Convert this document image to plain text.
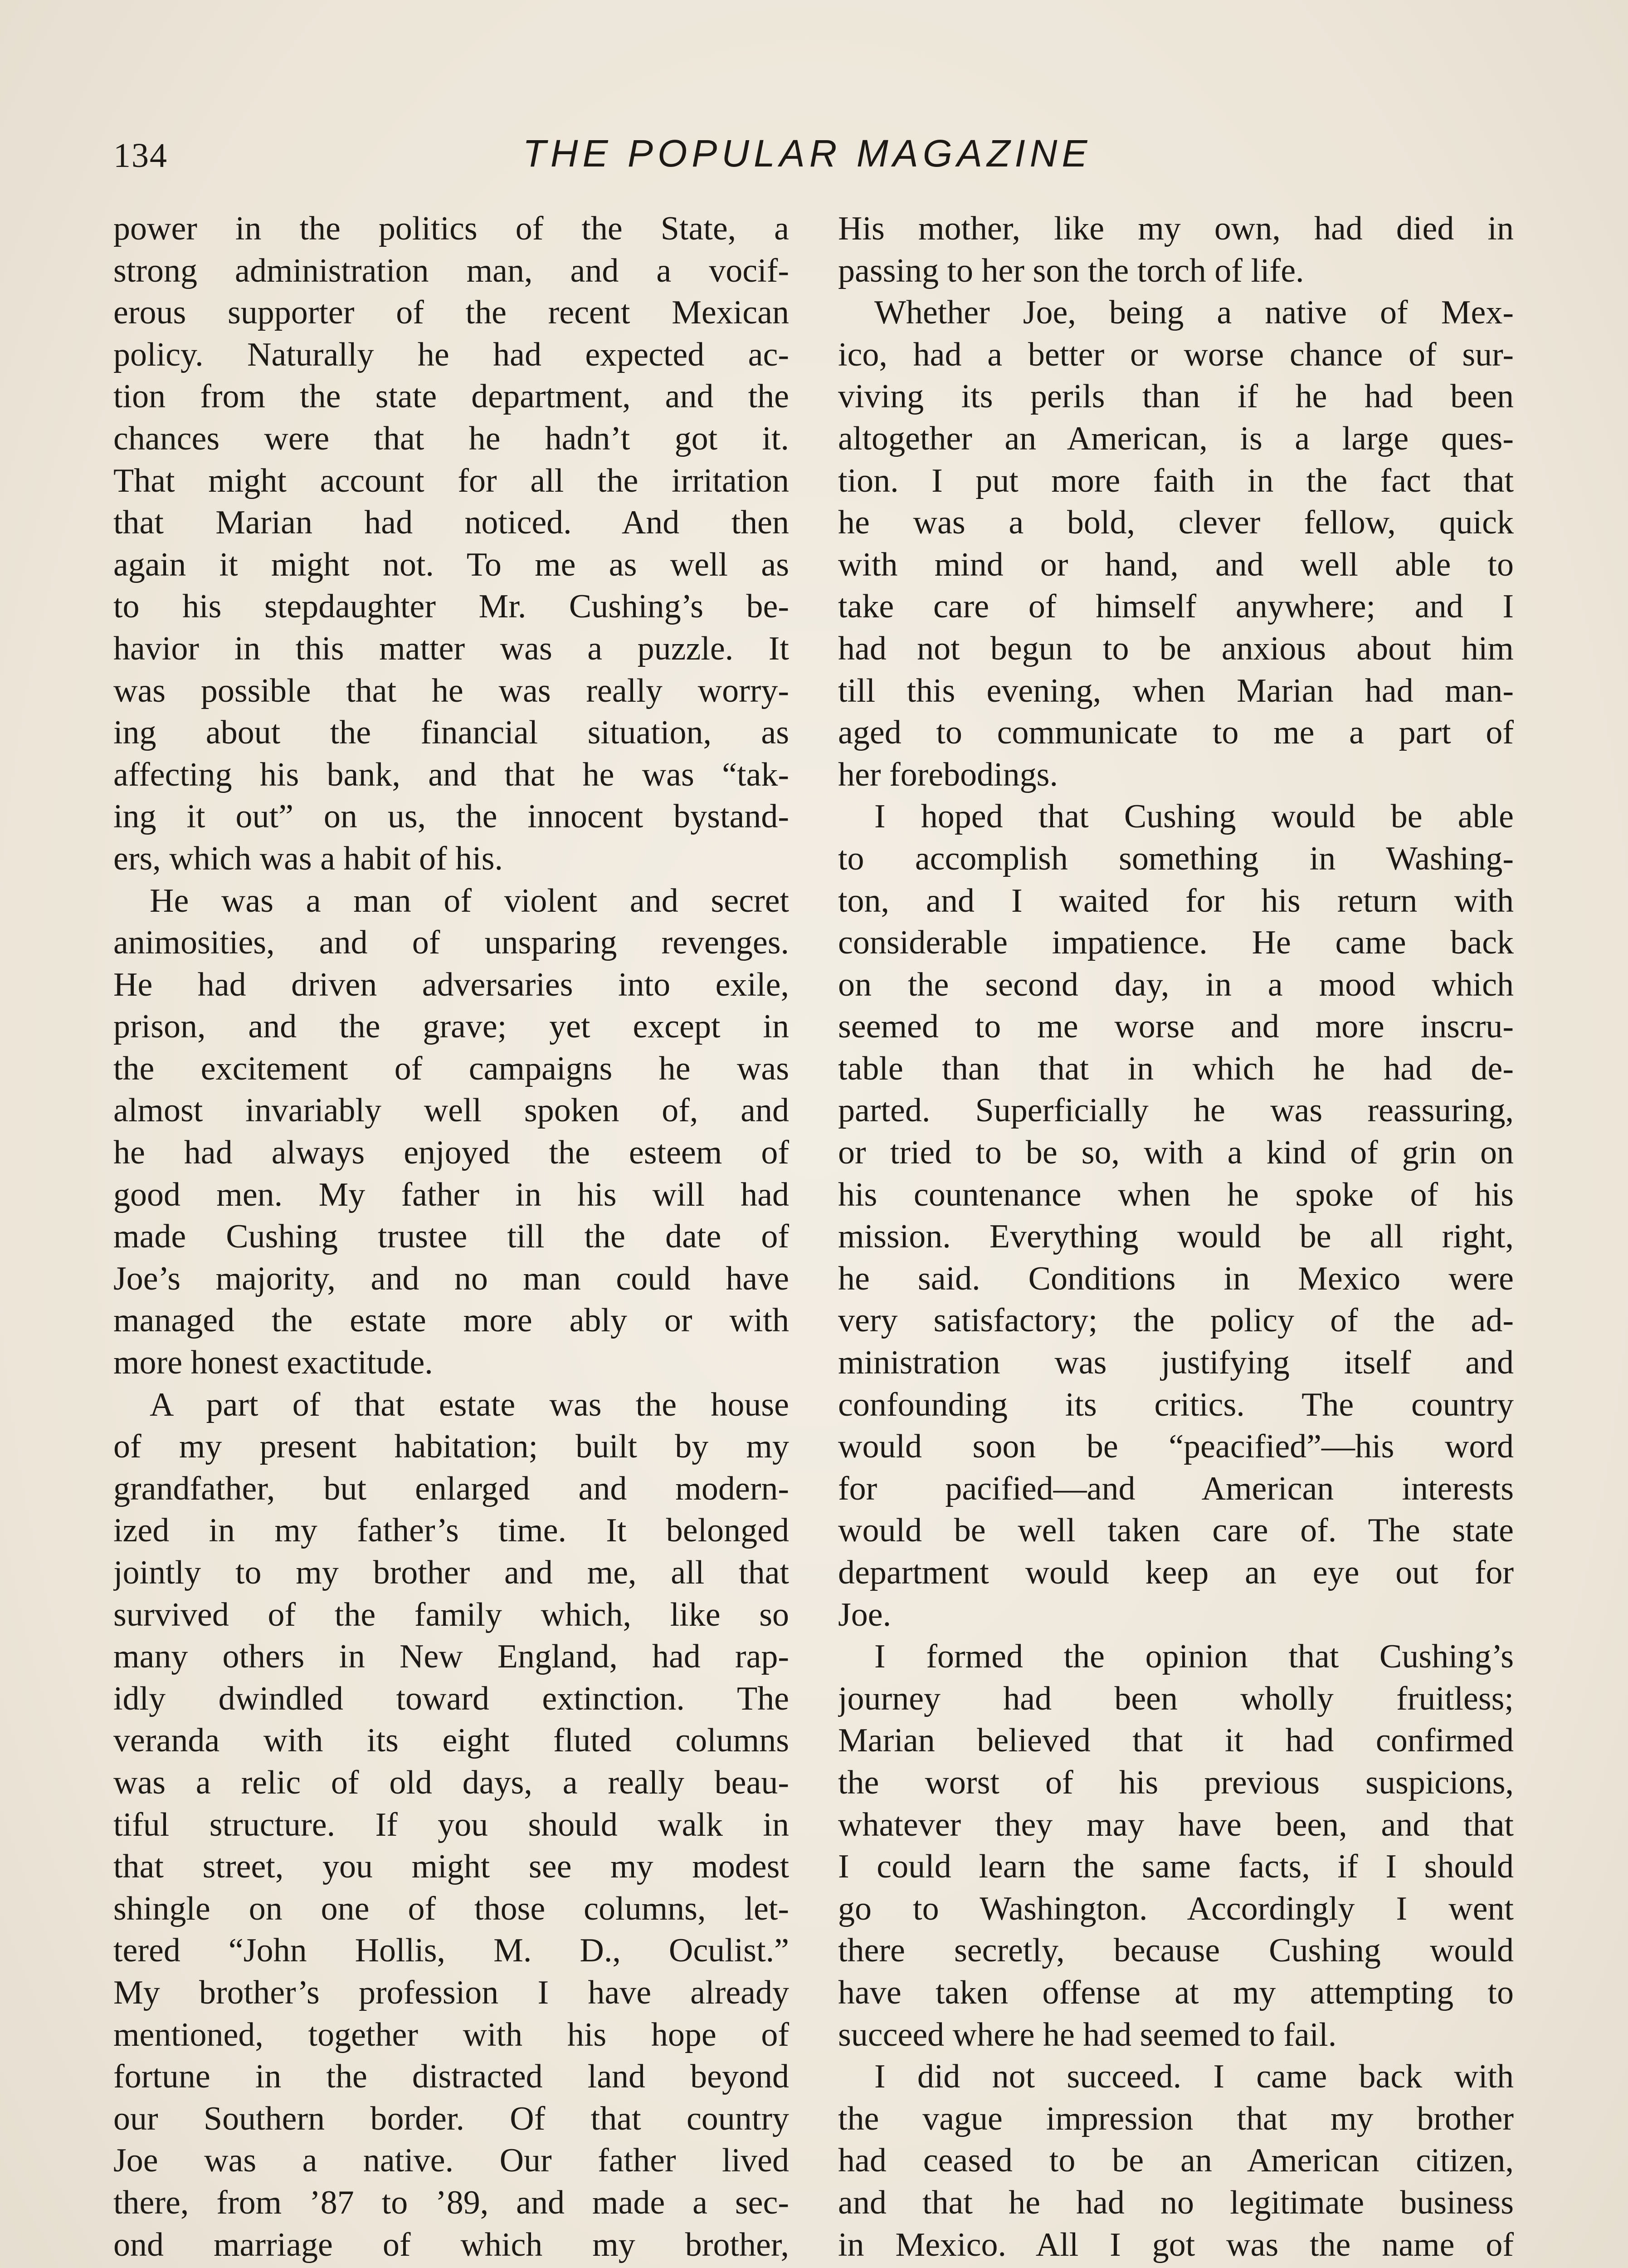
134	THE POPULAR MAGAZINE
power in the politics of the State, a
strong administration man, and a vocif-
erous supporter of the recent Mexican
policy. Naturally he had expected ac-
tion from the state department, and the
chances were that he hadn’t got it.
That might account for all the irritation
that Marian had noticed. And then
again it might not. To me as well as
to his stepdaughter Mr. Cushing’s be-
havior in this matter was a puzzle. It
was possible that he was really worry-
ing about the financial situation, as
affecting his bank, and that he was “tak-
ing it out” on us, the innocent bystand-
ers, which was a habit of his.
He was a man of violent and secret
animosities, and of unsparing revenges.
He had driven adversaries into exile,
prison, and the grave; yet except in
the excitement of campaigns he was
almost invariably well spoken of, and
he had always enjoyed the esteem of
good men. My father in his will had
made Cushing trustee till the date of
Joe’s majority, and no man could have
managed the estate more ably or with
more honest exactitude.
A part of that estate was the house
of my present habitation; built by my
grandfather, but enlarged and modern-
ized in my father’s time. It belonged
jointly to my brother and me, all that
survived of the family which, like so
many others in New England, had rap-
idly dwindled toward extinction. The
veranda with its eight fluted columns
was a relic of old days, a really beau-
tiful structure. If you should walk in
that street, you might see my modest
shingle on one of those columns, let-
tered “John Hollis, M. D., Oculist.”
My brother’s profession I have already
mentioned, together with his hope of
fortune in the distracted land beyond
our Southern border. Of that country
Joe was a native. Our father lived
there, from ’87 to ’89, and made a sec-
ond marriage of which my brother,
His mother, like my own, had died in
passing to her son the torch of life.
Whether Joe, being a native of Mex-
ico, had a better or worse chance of sur-
viving its perils than if he had been
altogether an American, is a large ques-
tion. I put more faith in the fact that
he was a bold, clever fellow, quick
with mind or hand, and well able to
take care of himself anywhere; and I
had not begun to be anxious about him
till this evening, when Marian had man-
aged to communicate to me a part of
her forebodings.
I hoped that Cushing would be able
to accomplish something in Washing-
ton, and I waited for his return with
considerable impatience. He came back
on the second day, in a mood which
seemed to me worse and more inscru-
table than that in which he had de-
parted. Superficially he was reassuring,
or tried to be so, with a kind of grin on
his countenance when he spoke of his
mission. Everything would be all right,
he said. Conditions in Mexico were
very satisfactory; the policy of the ad-
ministration was justifying itself and
confounding its critics. The country
would soon be “peacified”—his word
for pacified—and American interests
would be well taken care of. The state
department would keep an eye out for
Joe.
I formed the opinion that Cushing’s
journey had been wholly fruitless;
Marian believed that it had confirmed
the worst of his previous suspicions,
whatever they may have been, and that
I could learn the same facts, if I should
go to Washington. Accordingly I went
there secretly, because Cushing would
have taken offense at my attempting to
succeed where he had seemed to fail.
I did not succeed. I came back with
the vague impression that my brother
had ceased to be an American citizen,
and that he had no legitimate business
in Mexico. All I got was the name of
